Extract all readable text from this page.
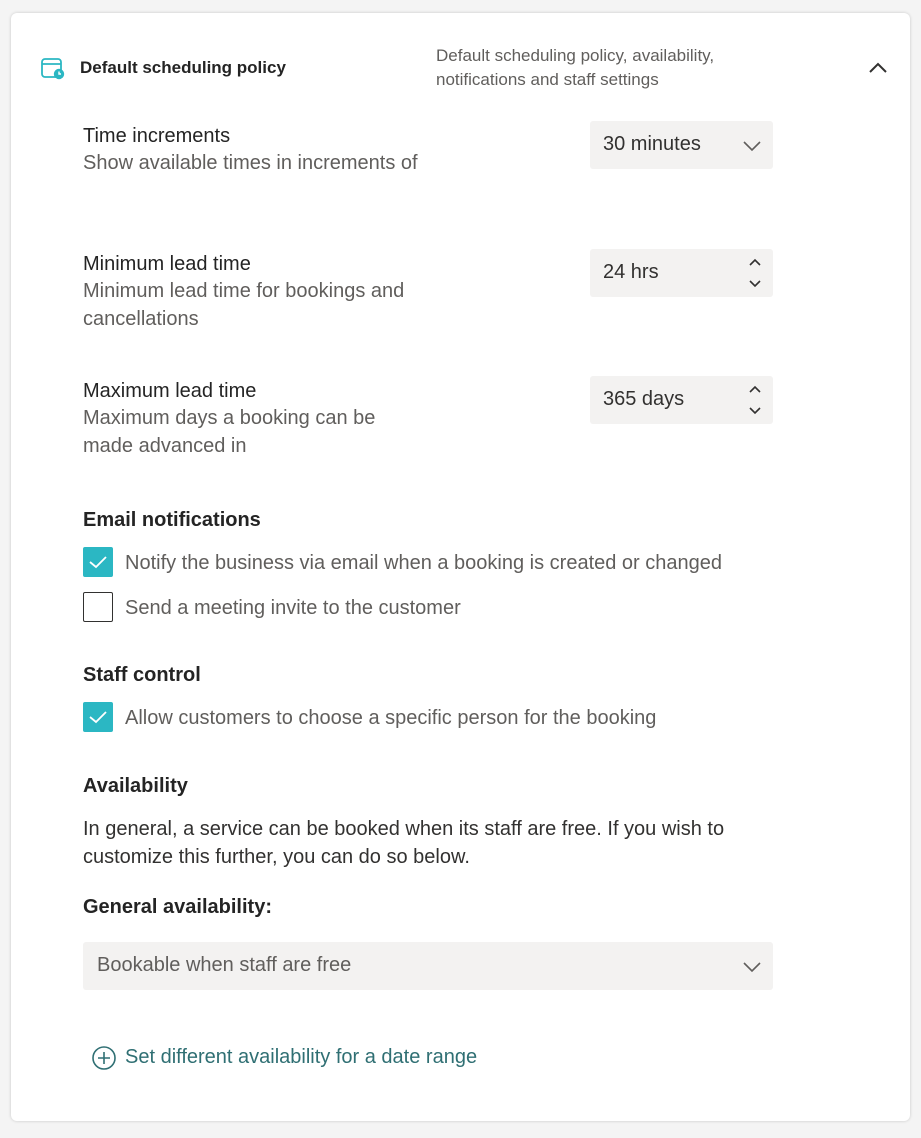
Default scheduling policy
Default scheduling policy, availability, notifications and staff settings
Time increments
Show available times in increments of
30 minutes
Minimum lead time
Minimum lead time for bookings and cancellations
24 hrs
Maximum lead time
Maximum days a booking can be made advanced in
365 days
Email notifications
Notify the business via email when a booking is created or changed
Send a meeting invite to the customer
Staff control
Allow customers to choose a specific person for the booking
Availability
In general, a service can be booked when its staff are free. If you wish to customize this further, you can do so below.
General availability:
Bookable when staff are free
Set different availability for a date range
